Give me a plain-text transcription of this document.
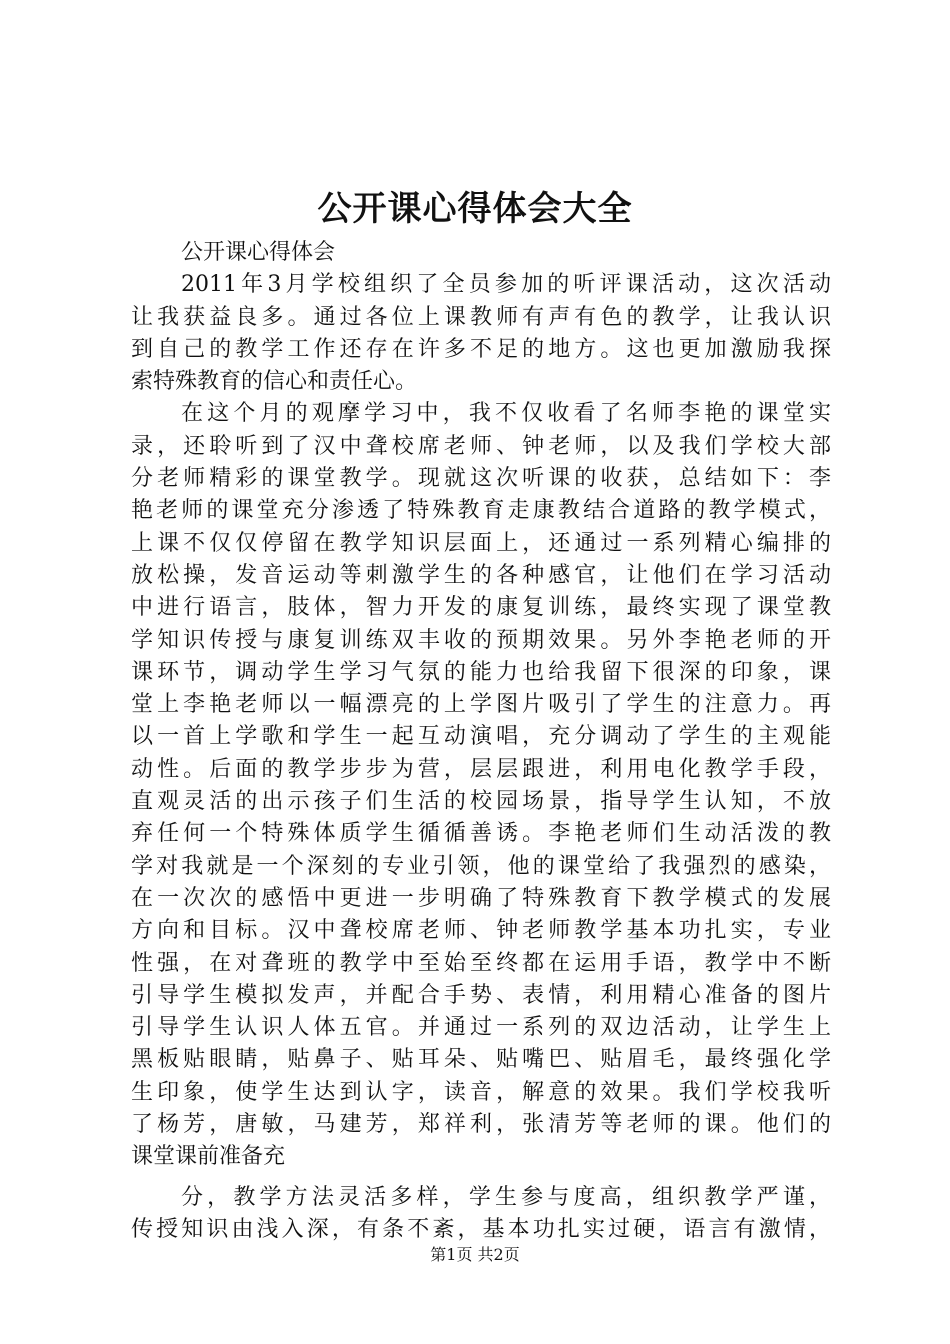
公开课心得体会大全
公开课心得体会
2011年3月学校组织了全员参加的听评课活动，这次活动
让我获益良多。通过各位上课教师有声有色的教学，让我认识
到自己的教学工作还存在许多不足的地方。这也更加激励我探
索特殊教育的信心和责任心。
在这个月的观摩学习中，我不仅收看了名师李艳的课堂实
录，还聆听到了汉中聋校席老师、钟老师，以及我们学校大部
分老师精彩的课堂教学。现就这次听课的收获，总结如下：李
艳老师的课堂充分渗透了特殊教育走康教结合道路的教学模式，
上课不仅仅停留在教学知识层面上，还通过一系列精心编排的
放松操，发音运动等刺激学生的各种感官，让他们在学习活动
中进行语言，肢体，智力开发的康复训练，最终实现了课堂教
学知识传授与康复训练双丰收的预期效果。另外李艳老师的开
课环节，调动学生学习气氛的能力也给我留下很深的印象，课
堂上李艳老师以一幅漂亮的上学图片吸引了学生的注意力。再
以一首上学歌和学生一起互动演唱，充分调动了学生的主观能
动性。后面的教学步步为营，层层跟进，利用电化教学手段，
直观灵活的出示孩子们生活的校园场景，指导学生认知，不放
弃任何一个特殊体质学生循循善诱。李艳老师们生动活泼的教
学对我就是一个深刻的专业引领，他的课堂给了我强烈的感染，
在一次次的感悟中更进一步明确了特殊教育下教学模式的发展
方向和目标。汉中聋校席老师、钟老师教学基本功扎实，专业
性强，在对聋班的教学中至始至终都在运用手语，教学中不断
引导学生模拟发声，并配合手势、表情，利用精心准备的图片
引导学生认识人体五官。并通过一系列的双边活动，让学生上
黑板贴眼睛，贴鼻子、贴耳朵、贴嘴巴、贴眉毛，最终强化学
生印象，使学生达到认字，读音，解意的效果。我们学校我听
了杨芳，唐敏，马建芳，郑祥利，张清芳等老师的课。他们的
课堂课前准备充
分，教学方法灵活多样，学生参与度高，组织教学严谨，
传授知识由浅入深，有条不紊，基本功扎实过硬，语言有激情，
第1页 共2页
